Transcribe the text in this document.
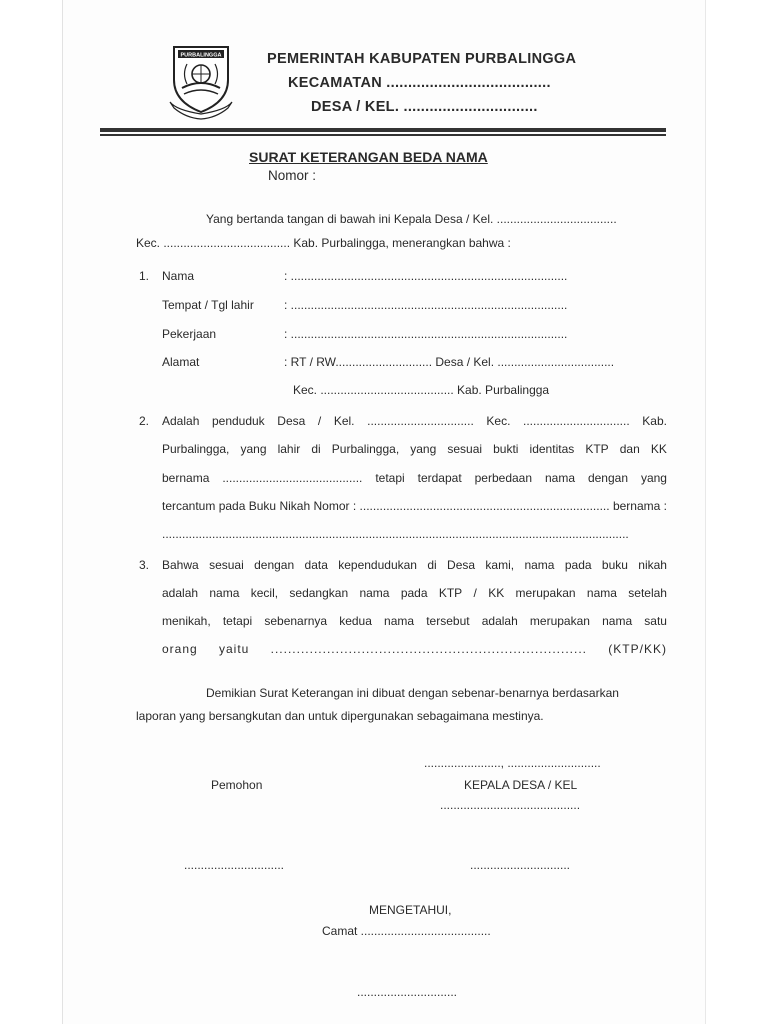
PURBALINGGA	PEMERINTAH KABUPATEN PURBALINGGA
KECAMATAN ......................................
DESA / KEL. ...............................
SURAT KETERANGAN BEDA NAMA
Nomor :
Yang bertanda tangan di bawah ini Kepala Desa / Kel. ....................................
Kec. ...................................... Kab. Purbalingga, menerangkan bahwa :
1. Nama	: ...................................................................................
Tempat / Tgl lahir	: ...................................................................................
Pekerjaan	: ...................................................................................
Alamat	: RT / RW............................. Desa / Kel. ...................................
Kec. ........................................ Kab. Purbalingga
2. Adalah penduduk Desa / Kel. ................................ Kec. ................................ Kab.
Purbalingga, yang lahir di Purbalingga, yang sesuai bukti identitas KTP dan KK
bernama .......................................... tetapi terdapat perbedaan nama dengan yang
tercantum pada Buku Nikah Nomor : ........................................................................... bernama :
............................................................................................................................................
3. Bahwa sesuai dengan data kependudukan di Desa kami, nama pada buku nikah
adalah nama kecil, sedangkan nama pada KTP / KK merupakan nama setelah
menikah, tetapi sebenarnya kedua nama tersebut adalah merupakan nama satu
orang yaitu ......................................................................... (KTP/KK)
Demikian Surat Keterangan ini dibuat dengan sebenar-benarnya berdasarkan
laporan yang bersangkutan dan untuk dipergunakan sebagaimana mestinya.
......................., ............................
Pemohon	KEPALA DESA / KEL
..........................................
..............................	..............................
MENGETAHUI,
Camat .......................................
..............................
